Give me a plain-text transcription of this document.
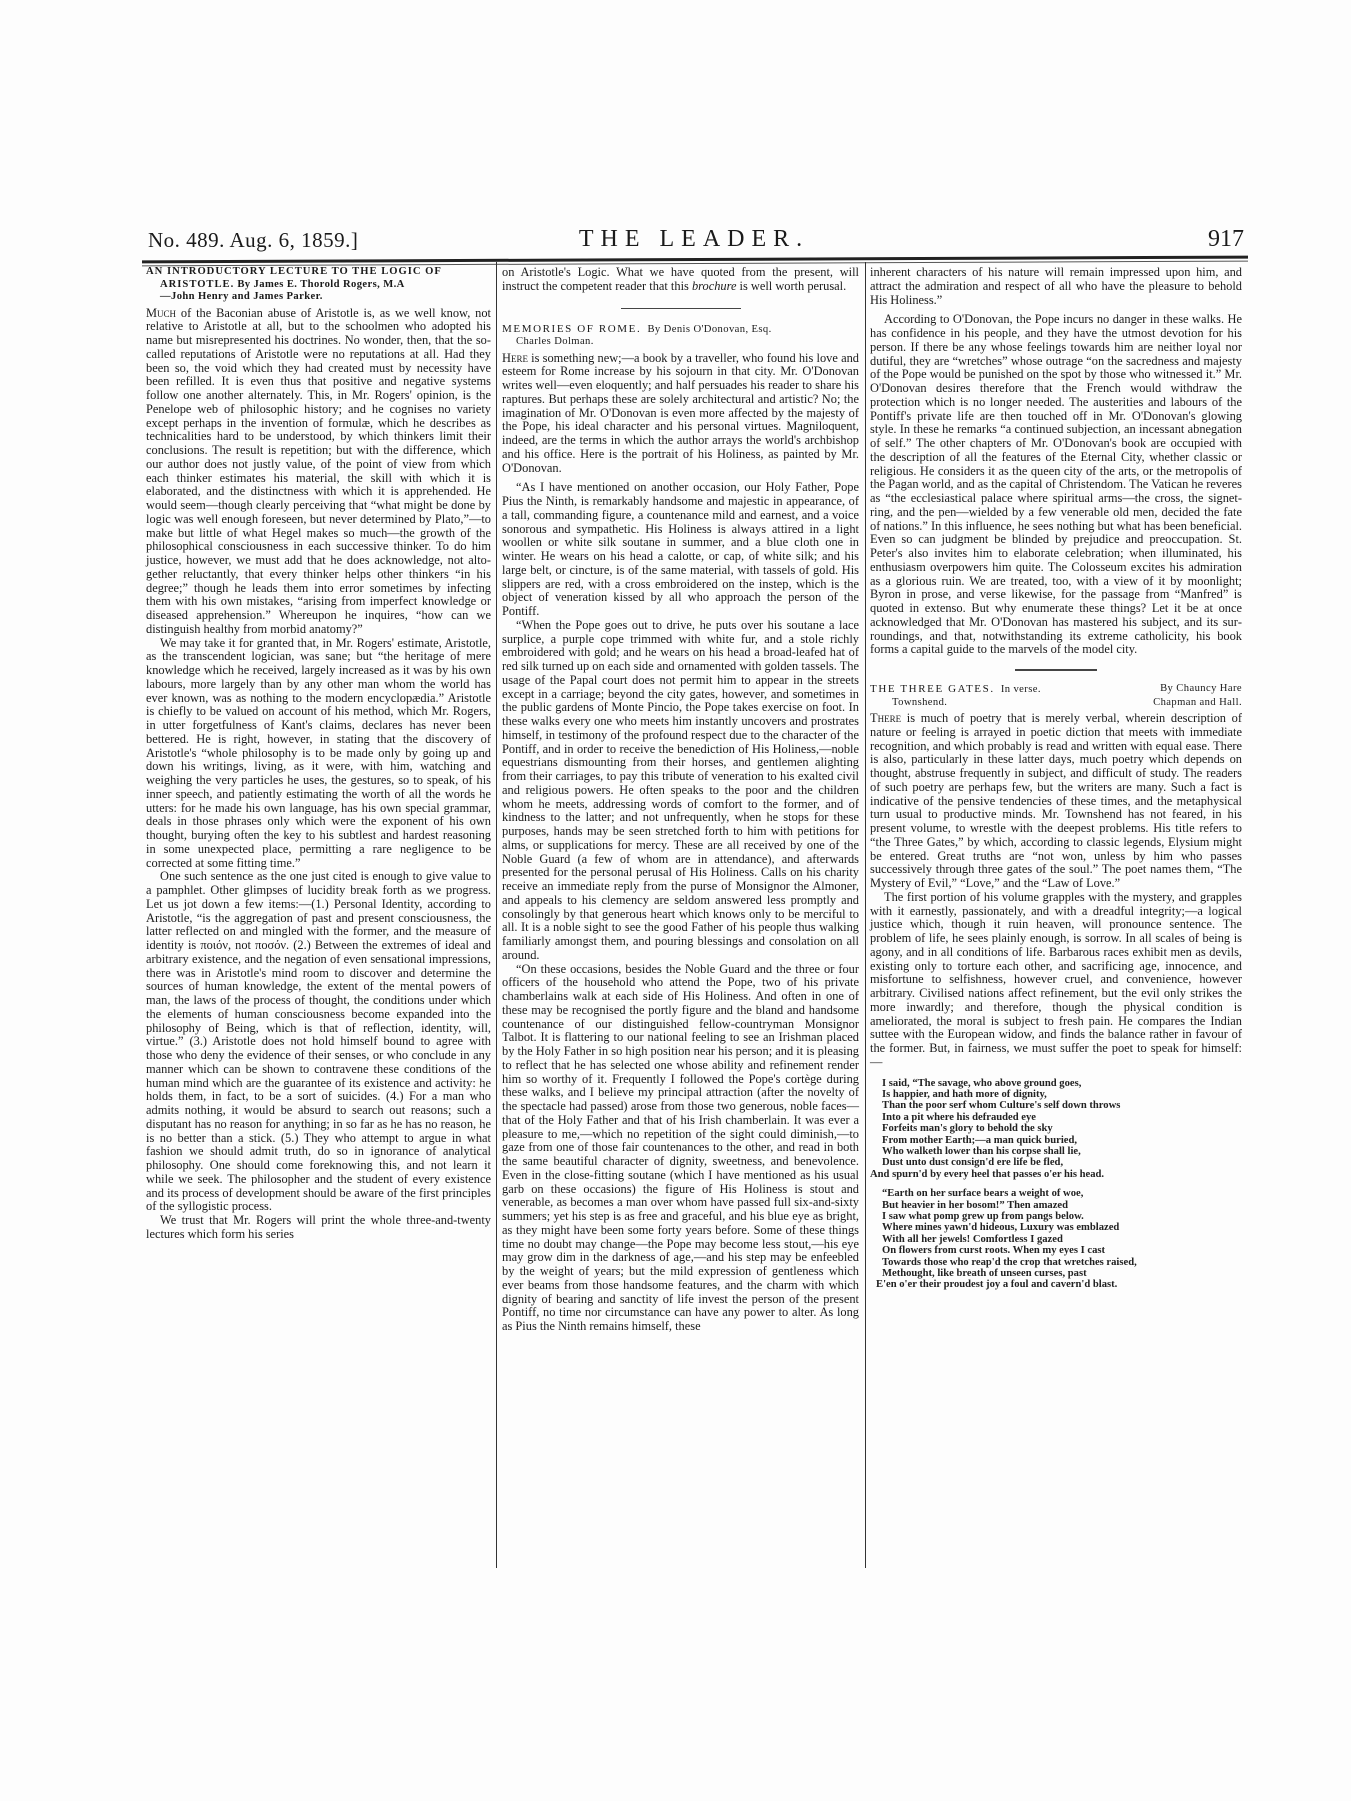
No. 489. Aug. 6, 1859.]	THE LEADER.	917
AN INTRODUCTORY LECTURE TO THE LOGIC OF ARISTOTLE. By James E. Thorold Rogers, M.A
—John Henry and James Parker.

Much of the Baconian abuse of Aristotle is, as we well know, not relative to Aristotle at all, but to the schoolmen who adopted his name but misrepresented his doctrines. No wonder, then, that the so-called reputations of Aristotle were no reputations at all. Had they been so, the void which they had created must by necessity have been refilled. It is even thus that positive and negative systems follow one another alternately. This, in Mr. Rogers' opinion, is the Penelope web of philosophic history; and he cognises no variety except perhaps in the invention of formulæ, which he describes as technicalities hard to be understood, by which thinkers limit their conclusions. The result is repetition; but with the difference, which our author does not justly value, of the point of view from which each thinker estimates his material, the skill with which it is elaborated, and the distinctness with which it is apprehended. He would seem—though clearly perceiving that “what might be done by logic was well enough foreseen, but never determined by Plato,”—to make but little of what Hegel makes so much—the growth of the philosophical consciousness in each successive thinker. To do him justice, however, we must add that he does acknowledge, not altogether reluctantly, that every thinker helps other thinkers “in his degree;” though he leads them into error sometimes by infecting them with his own mistakes, “arising from imperfect knowledge or diseased apprehension.” Whereupon he inquires, “how can we distinguish healthy from morbid anatomy?”

We may take it for granted that, in Mr. Rogers' estimate, Aristotle, as the transcendent logician, was sane; but “the heritage of mere knowledge which he received, largely increased as it was by his own labours, more largely than by any other man whom the world has ever known, was as nothing to the modern encyclopædia.” Aristotle is chiefly to be valued on account of his method, which Mr. Rogers, in utter forgetfulness of Kant's claims, declares has never been bettered. He is right, however, in stating that the discovery of Aristotle's “whole philosophy is to be made only by going up and down his writings, living, as it were, with him, watching and weighing the very particles he uses, the gestures, so to speak, of his inner speech, and patiently estimating the worth of all the words he utters: for he made his own language, has his own special grammar, deals in those phrases only which were the exponent of his own thought, burying often the key to his subtlest and hardest reasoning in some unexpected place, permitting a rare negligence to be corrected at some fitting time.”

One such sentence as the one just cited is enough to give value to a pamphlet. Other glimpses of lucidity break forth as we progress. Let us jot down a few items:—(1.) Personal Identity, according to Aristotle, “is the aggregation of past and present consciousness, the latter reflected on and mingled with the former, and the measure of identity is ποιόν, not ποσόν. (2.) Between the extremes of ideal and arbitrary existence, and the negation of even sensational impressions, there was in Aristotle's mind room to discover and determine the sources of human knowledge, the extent of the mental powers of man, the laws of the process of thought, the conditions under which the elements of human consciousness become expanded into the philosophy of Being, which is that of reflection, identity, will, virtue.” (3.) Aristotle does not hold himself bound to agree with those who deny the evidence of their senses, or who conclude in any manner which can be shown to contravene these conditions of the human mind which are the guarantee of its existence and activity: he holds them, in fact, to be a sort of suicides. (4.) For a man who admits nothing, it would be absurd to search out reasons; such a disputant has no reason for anything; in so far as he has no reason, he is no better than a stick. (5.) They who attempt to argue in what fashion we should admit truth, do so in ignorance of analytical philosophy. One should come foreknowing this, and not learn it while we seek. The philosopher and the student of every existence and its process of development should be aware of the first principles of the syllogistic process.

We trust that Mr. Rogers will print the whole three-and-twenty lectures which form his series

on Aristotle's Logic. What we have quoted from the present, will instruct the competent reader that this brochure is well worth perusal.

MEMORIES OF ROME. By Denis O'Donovan, Esq.
Charles Dolman.

Here is something new;—a book by a traveller, who found his love and esteem for Rome increase by his sojourn in that city. Mr. O'Donovan writes well—even eloquently; and half persuades his reader to share his raptures. But perhaps these are solely architectural and artistic? No; the imagination of Mr. O'Donovan is even more affected by the majesty of the Pope, his ideal character and his personal virtues. Magniloquent, indeed, are the terms in which the author arrays the world's archbishop and his office. Here is the portrait of his Holiness, as painted by Mr. O'Donovan.

“As I have mentioned on another occasion, our Holy Father, Pope Pius the Ninth, is remarkably handsome and majestic in appearance, of a tall, commanding figure, a countenance mild and earnest, and a voice sonorous and sympathetic. His Holiness is always attired in a light woollen or white silk soutane in summer, and a blue cloth one in winter. He wears on his head a calotte, or cap, of white silk; and his large belt, or cincture, is of the same material, with tassels of gold. His slippers are red, with a cross embroidered on the instep, which is the object of veneration kissed by all who approach the person of the Pontiff.

“When the Pope goes out to drive, he puts over his soutane a lace surplice, a purple cope trimmed with white fur, and a stole richly embroidered with gold; and he wears on his head a broad-leafed hat of red silk turned up on each side and ornamented with golden tassels. The usage of the Papal court does not permit him to appear in the streets except in a carriage; beyond the city gates, however, and sometimes in the public gardens of Monte Pincio, the Pope takes exercise on foot. In these walks every one who meets him instantly uncovers and prostrates himself, in testimony of the profound respect due to the character of the Pontiff, and in order to receive the benediction of His Holiness,—noble equestrians dismounting from their horses, and gentlemen alighting from their carriages, to pay this tribute of veneration to his exalted civil and religious powers. He often speaks to the poor and the children whom he meets, addressing words of comfort to the former, and of kindness to the latter; and not unfrequently, when he stops for these purposes, hands may be seen stretched forth to him with petitions for alms, or supplications for mercy. These are all received by one of the Noble Guard (a few of whom are in attendance), and afterwards presented for the personal perusal of His Holiness. Calls on his charity receive an immediate reply from the purse of Monsignor the Almoner, and appeals to his clemency are seldom answered less promptly and consolingly by that generous heart which knows only to be merciful to all. It is a noble sight to see the good Father of his people thus walking familiarly amongst them, and pouring blessings and consolation on all around.

“On these occasions, besides the Noble Guard and the three or four officers of the household who attend the Pope, two of his private chamberlains walk at each side of His Holiness. And often in one of these may be recognised the portly figure and the bland and handsome countenance of our distinguished fellow-countryman Monsignor Talbot. It is flattering to our national feeling to see an Irishman placed by the Holy Father in so high position near his person; and it is pleasing to reflect that he has selected one whose ability and refinement render him so worthy of it. Frequently I followed the Pope's cortège during these walks, and I believe my principal attraction (after the novelty of the spectacle had passed) arose from those two generous, noble faces—that of the Holy Father and that of his Irish chamberlain. It was ever a pleasure to me,—which no repetition of the sight could diminish,—to gaze from one of those fair countenances to the other, and read in both the same beautiful character of dignity, sweetness, and benevolence. Even in the close-fitting soutane (which I have mentioned as his usual garb on these occasions) the figure of His Holiness is stout and venerable, as becomes a man over whom have passed full six-and-sixty summers; yet his step is as free and graceful, and his blue eye as bright, as they might have been some forty years before. Some of these things time no doubt may change—the Pope may become less stout,—his eye may grow dim in the darkness of age,—and his step may be enfeebled by the weight of years; but the mild expression of gentleness which ever beams from those handsome features, and the charm with which dignity of bearing and sanctity of life invest the person of the present Pontiff, no time nor circumstance can have any power to alter. As long as Pius the Ninth remains himself, these

inherent characters of his nature will remain impressed upon him, and attract the admiration and respect of all who have the pleasure to behold His Holiness.”

According to O'Donovan, the Pope incurs no danger in these walks. He has confidence in his people, and they have the utmost devotion for his person. If there be any whose feelings towards him are neither loyal nor dutiful, they are “wretches” whose outrage “on the sacredness and majesty of the Pope would be punished on the spot by those who witnessed it.” Mr. O'Donovan desires therefore that the French would withdraw the protection which is no longer needed. The austerities and labours of the Pontiff's private life are then touched off in Mr. O'Donovan's glowing style. In these he remarks “a continued subjection, an incessant abnegation of self.” The other chapters of Mr. O'Donovan's book are occupied with the description of all the features of the Eternal City, whether classic or religious. He considers it as the queen city of the arts, or the metropolis of the Pagan world, and as the capital of Christendom. The Vatican he reveres as “the ecclesiastical palace where spiritual arms—the cross, the signet-ring, and the pen—wielded by a few venerable old men, decided the fate of nations.” In this influence, he sees nothing but what has been beneficial. Even so can judgment be blinded by prejudice and preoccupation. St. Peter's also invites him to elaborate celebration; when illuminated, his enthusiasm overpowers him quite. The Colosseum excites his admiration as a glorious ruin. We are treated, too, with a view of it by moonlight; Byron in prose, and verse likewise, for the passage from “Manfred” is quoted in extenso. But why enumerate these things? Let it be at once acknowledged that Mr. O'Donovan has mastered his subject, and its surroundings, and that, notwithstanding its extreme catholicity, his book forms a capital guide to the marvels of the model city.

THE THREE GATES. In verse.	By Chauncy Hare
Townshend.	Chapman and Hall.

There is much of poetry that is merely verbal, wherein description of nature or feeling is arrayed in poetic diction that meets with immediate recognition, and which probably is read and written with equal ease. There is also, particularly in these latter days, much poetry which depends on thought, abstruse frequently in subject, and difficult of study. The readers of such poetry are perhaps few, but the writers are many. Such a fact is indicative of the pensive tendencies of these times, and the metaphysical turn usual to productive minds. Mr. Townshend has not feared, in his present volume, to wrestle with the deepest problems. His title refers to “the Three Gates,” by which, according to classic legends, Elysium might be entered. Great truths are “not won, unless by him who passes successively through three gates of the soul.” The poet names them, “The Mystery of Evil,” “Love,” and the “Law of Love.”

The first portion of his volume grapples with the mystery, and grapples with it earnestly, passionately, and with a dreadful integrity;—a logical justice which, though it ruin heaven, will pronounce sentence. The problem of life, he sees plainly enough, is sorrow. In all scales of being is agony, and in all conditions of life. Barbarous races exhibit men as devils, existing only to torture each other, and sacrificing age, innocence, and misfortune to selfishness, however cruel, and convenience, however arbitrary. Civilised nations affect refinement, but the evil only strikes the more inwardly; and therefore, though the physical condition is ameliorated, the moral is subject to fresh pain. He compares the Indian suttee with the European widow, and finds the balance rather in favour of the former. But, in fairness, we must suffer the poet to speak for himself:—

I said, “The savage, who above ground goes,
Is happier, and hath more of dignity,
Than the poor serf whom Culture's self down throws
Into a pit where his defrauded eye
Forfeits man's glory to behold the sky
From mother Earth;—a man quick buried,
Who walketh lower than his corpse shall lie,
Dust unto dust consign'd ere life be fled,
And spurn'd by every heel that passes o'er his head.
“Earth on her surface bears a weight of woe,
But heavier in her bosom!” Then amazed
I saw what pomp grew up from pangs below.
Where mines yawn'd hideous, Luxury was emblazed
With all her jewels! Comfortless I gazed
On flowers from curst roots. When my eyes I cast
Towards those who reap'd the crop that wretches raised,
Methought, like breath of unseen curses, past
E'en o'er their proudest joy a foul and cavern'd blast.
